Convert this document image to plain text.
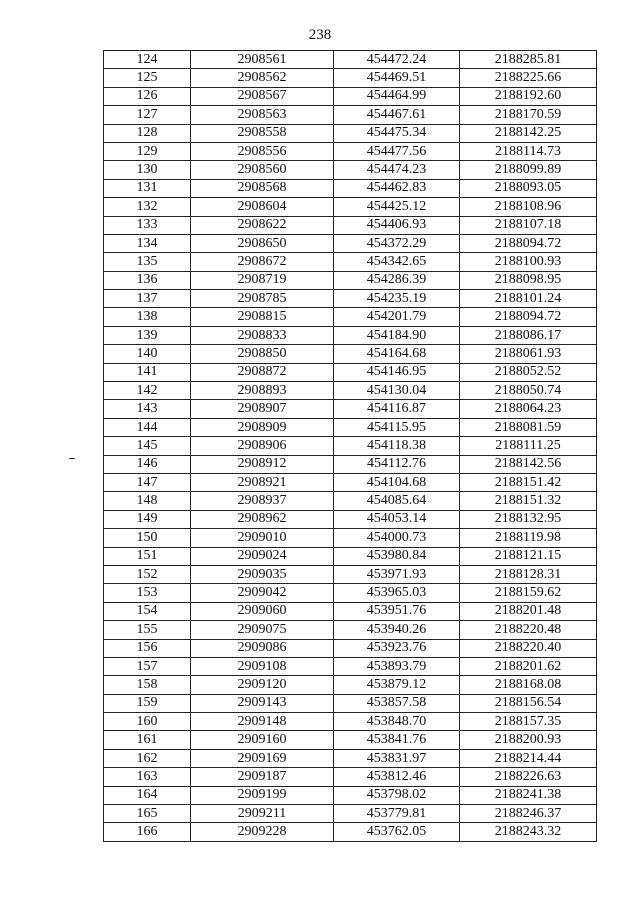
238
124	2908561	454472.24	2188285.81
125	2908562	454469.51	2188225.66
126	2908567	454464.99	2188192.60
127	2908563	454467.61	2188170.59
128	2908558	454475.34	2188142.25
129	2908556	454477.56	2188114.73
130	2908560	454474.23	2188099.89
131	2908568	454462.83	2188093.05
132	2908604	454425.12	2188108.96
133	2908622	454406.93	2188107.18
134	2908650	454372.29	2188094.72
135	2908672	454342.65	2188100.93
136	2908719	454286.39	2188098.95
137	2908785	454235.19	2188101.24
138	2908815	454201.79	2188094.72
139	2908833	454184.90	2188086.17
140	2908850	454164.68	2188061.93
141	2908872	454146.95	2188052.52
142	2908893	454130.04	2188050.74
143	2908907	454116.87	2188064.23
144	2908909	454115.95	2188081.59
145	2908906	454118.38	2188111.25
146	2908912	454112.76	2188142.56
147	2908921	454104.68	2188151.42
148	2908937	454085.64	2188151.32
149	2908962	454053.14	2188132.95
150	2909010	454000.73	2188119.98
151	2909024	453980.84	2188121.15
152	2909035	453971.93	2188128.31
153	2909042	453965.03	2188159.62
154	2909060	453951.76	2188201.48
155	2909075	453940.26	2188220.48
156	2909086	453923.76	2188220.40
157	2909108	453893.79	2188201.62
158	2909120	453879.12	2188168.08
159	2909143	453857.58	2188156.54
160	2909148	453848.70	2188157.35
161	2909160	453841.76	2188200.93
162	2909169	453831.97	2188214.44
163	2909187	453812.46	2188226.63
164	2909199	453798.02	2188241.38
165	2909211	453779.81	2188246.37
166	2909228	453762.05	2188243.32
